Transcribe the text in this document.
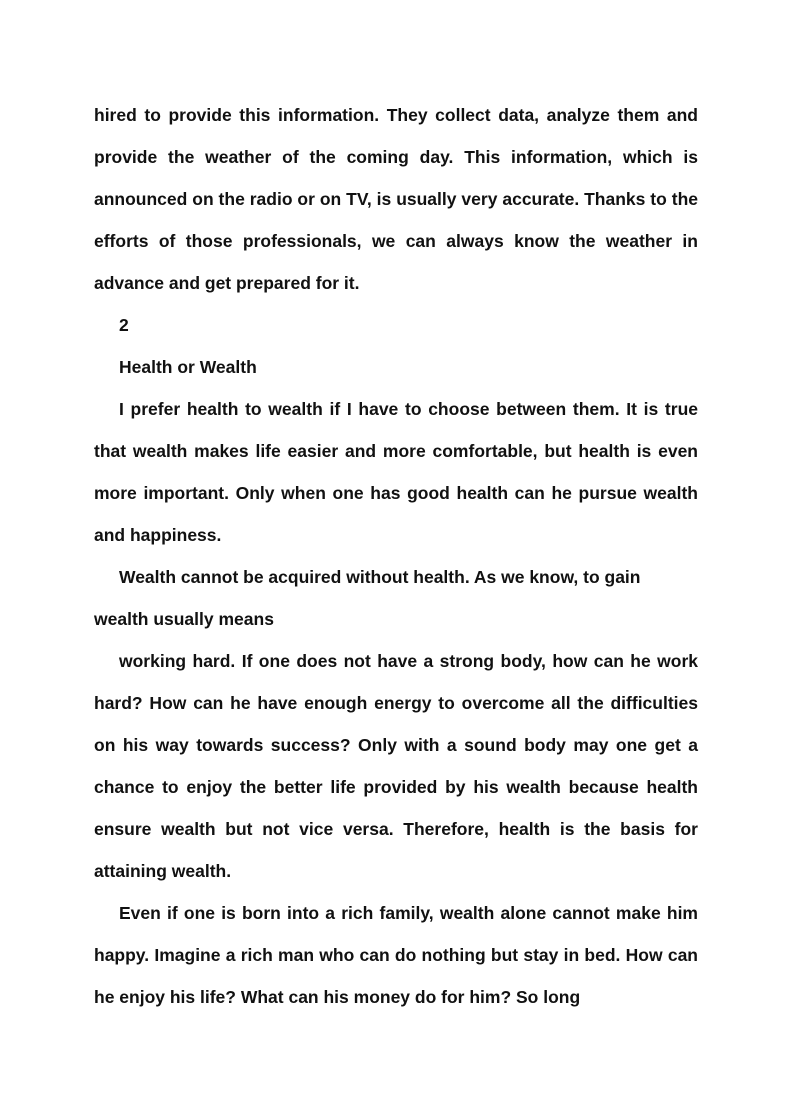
hired to provide this information. They collect data, analyze them and provide the weather of the coming day. This information, which is announced on the radio or on TV, is usually very accurate. Thanks to the efforts of those professionals, we can always know the weather in advance and get prepared for it.

2

Health or Wealth

I prefer health to wealth if I have to choose between them. It is true that wealth makes life easier and more comfortable, but health is even more important. Only when one has good health can he pursue wealth and happiness.

Wealth cannot be acquired without health. As we know, to gain wealth usually means

working hard. If one does not have a strong body, how can he work hard? How can he have enough energy to overcome all the difficulties on his way towards success? Only with a sound body may one get a chance to enjoy the better life provided by his wealth because health ensure wealth but not vice versa. Therefore, health is the basis for attaining wealth.

Even if one is born into a rich family, wealth alone cannot make him happy. Imagine a rich man who can do nothing but stay in bed. How can he enjoy his life? What can his money do for him? So long
